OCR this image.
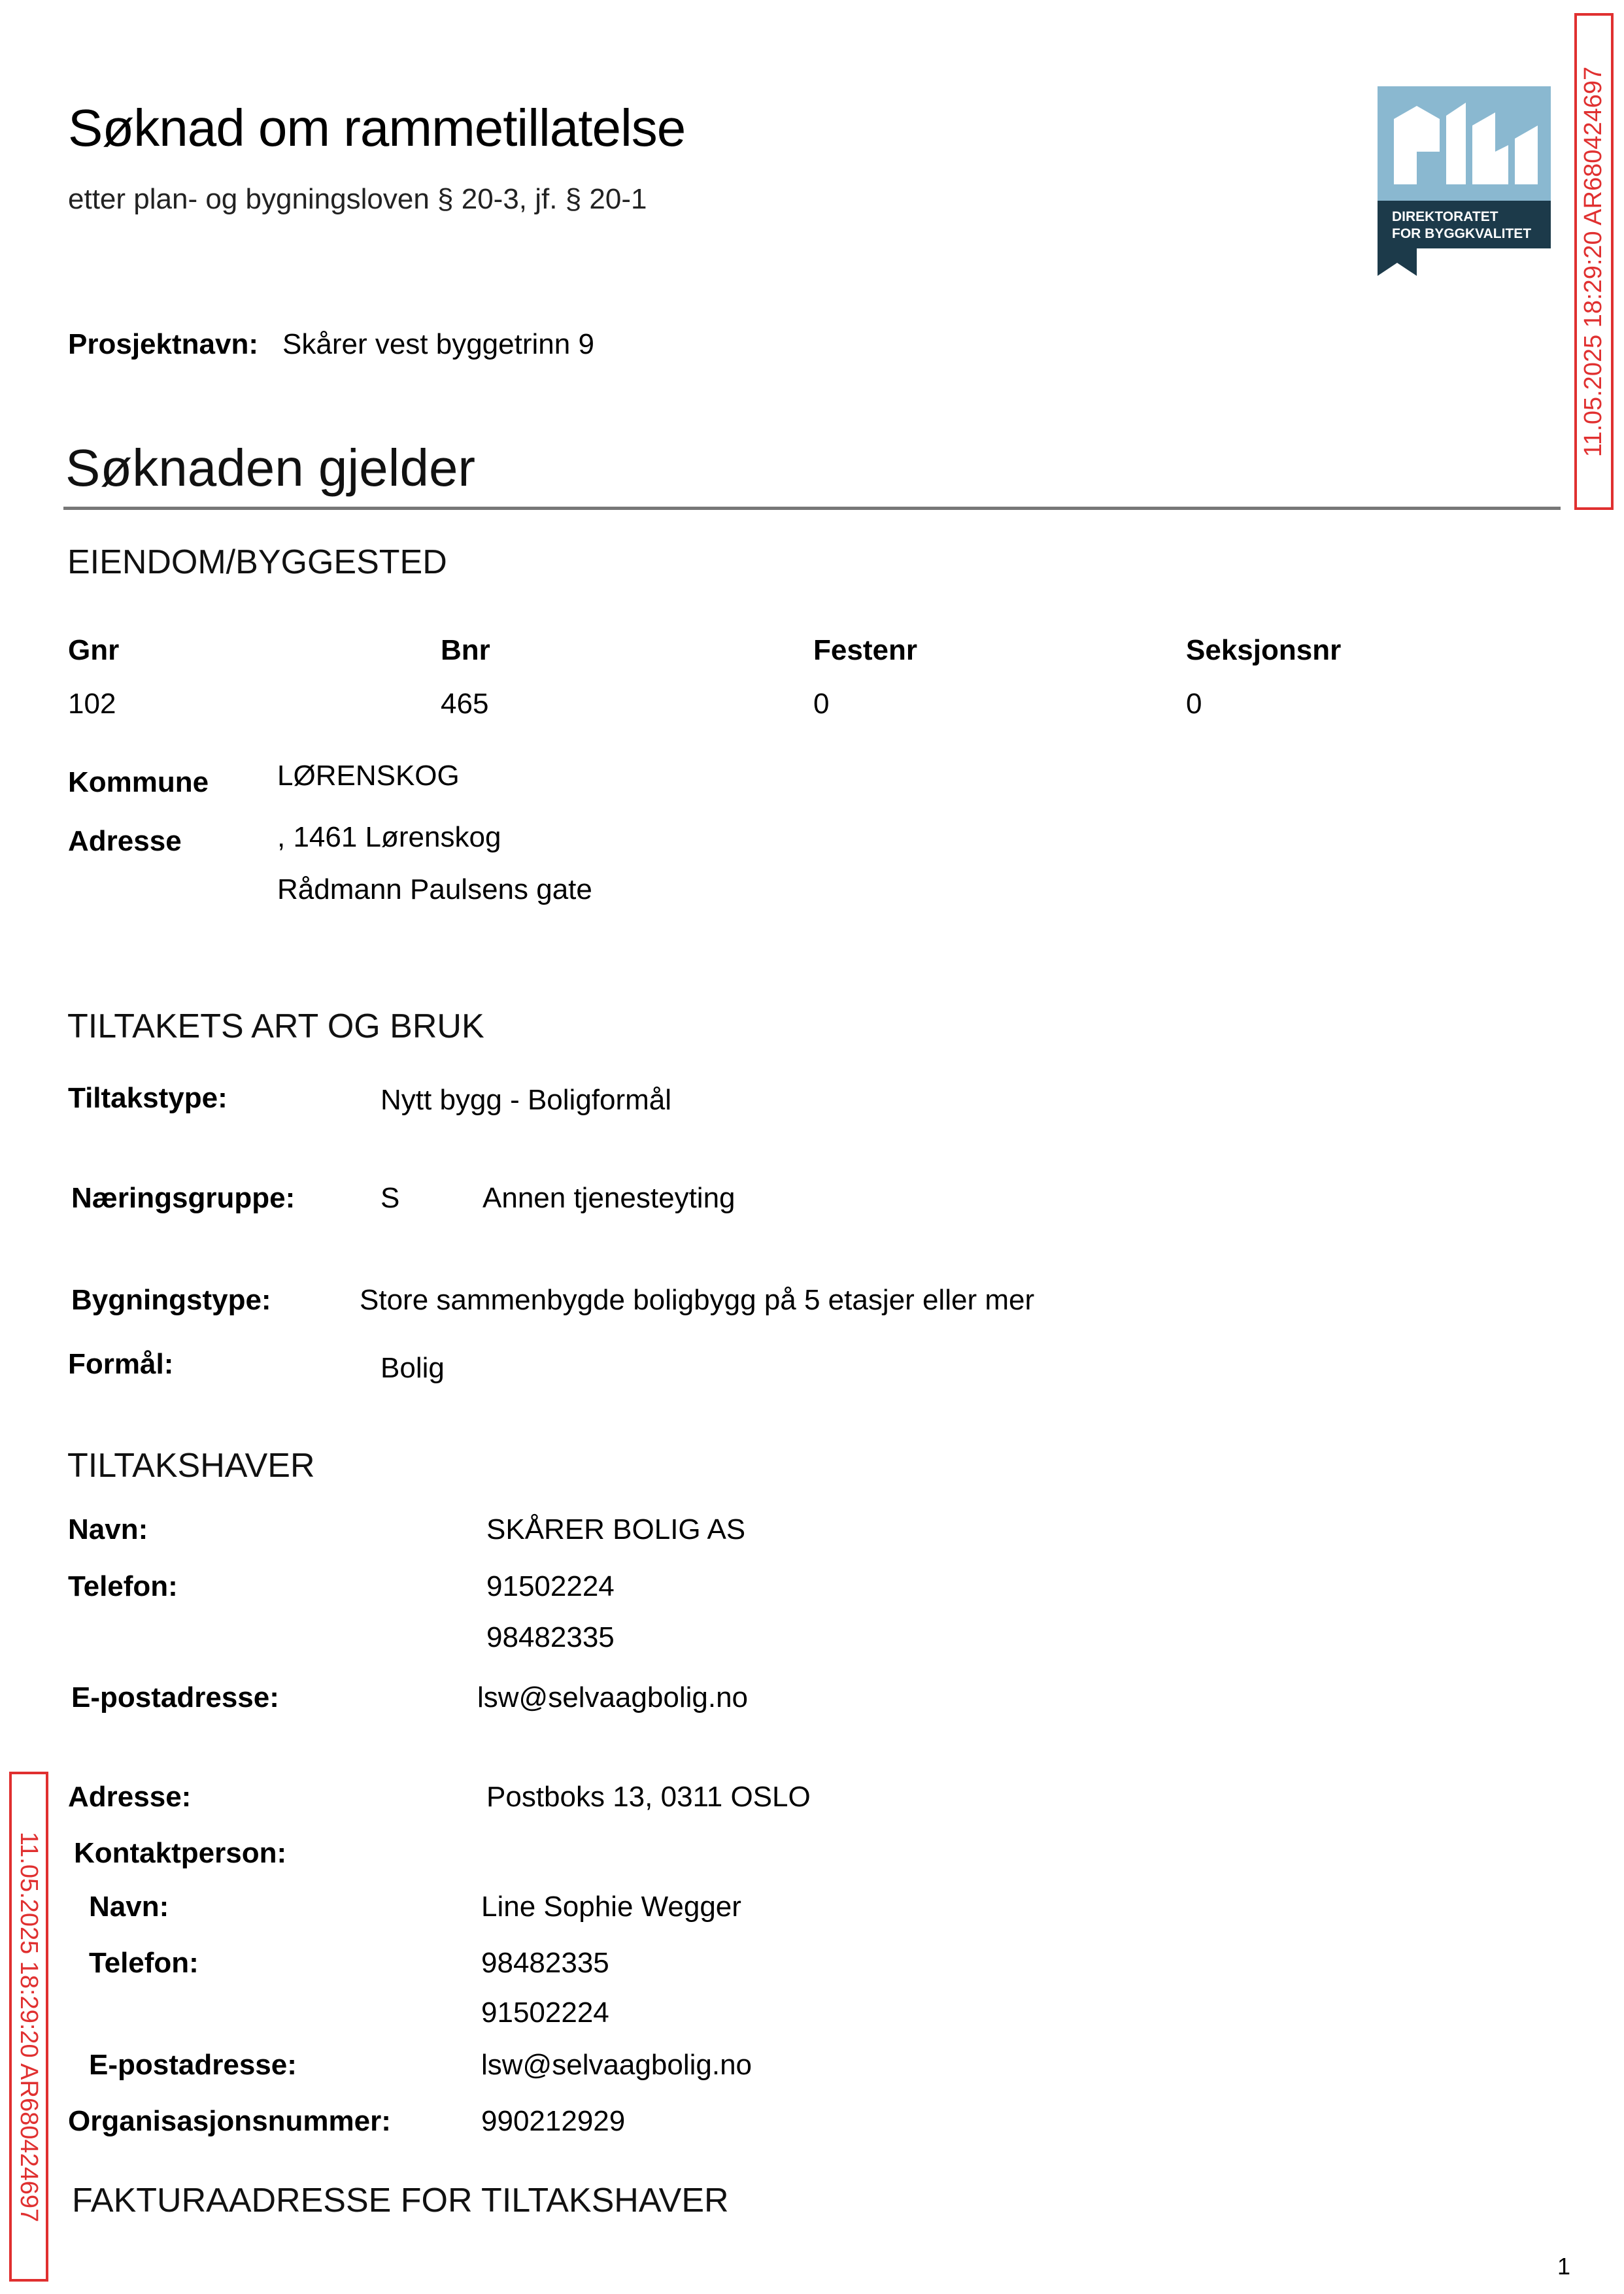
Søknad om rammetillatelse
etter plan- og bygningsloven § 20-3, jf. § 20-1
Prosjektnavn: Skårer vest byggetrinn 9
DIREKTORATET
FOR BYGGKVALITET 11.05.2025 18:29:20 AR680424697
11.05.2025 18:29:20 AR680424697
Søknaden gjelder
EIENDOM/BYGGESTED
Gnr	Bnr	Festenr	Seksjonsnr
102	465	0	0
Kommune LØRENSKOG
Adresse	, 1461 Lørenskog
Rådmann Paulsens gate
TILTAKETS ART OG BRUK
Tiltakstype:	Nytt bygg - Boligformål
Næringsgruppe:	S	Annen tjenesteyting
Bygningstype:	Store sammenbygde boligbygg på 5 etasjer eller mer
Formål:	Bolig
TILTAKSHAVER
Navn:	SKÅRER BOLIG AS
Telefon:	91502224
98482335
E-postadresse:	lsw@selvaagbolig.no
Adresse:	Postboks 13, 0311 OSLO
Kontaktperson:
Navn:	Line Sophie Wegger
Telefon:	98482335
91502224
E-postadresse:	lsw@selvaagbolig.no
Organisasjonsnummer:	990212929
FAKTURAADRESSE FOR TILTAKSHAVER
1
